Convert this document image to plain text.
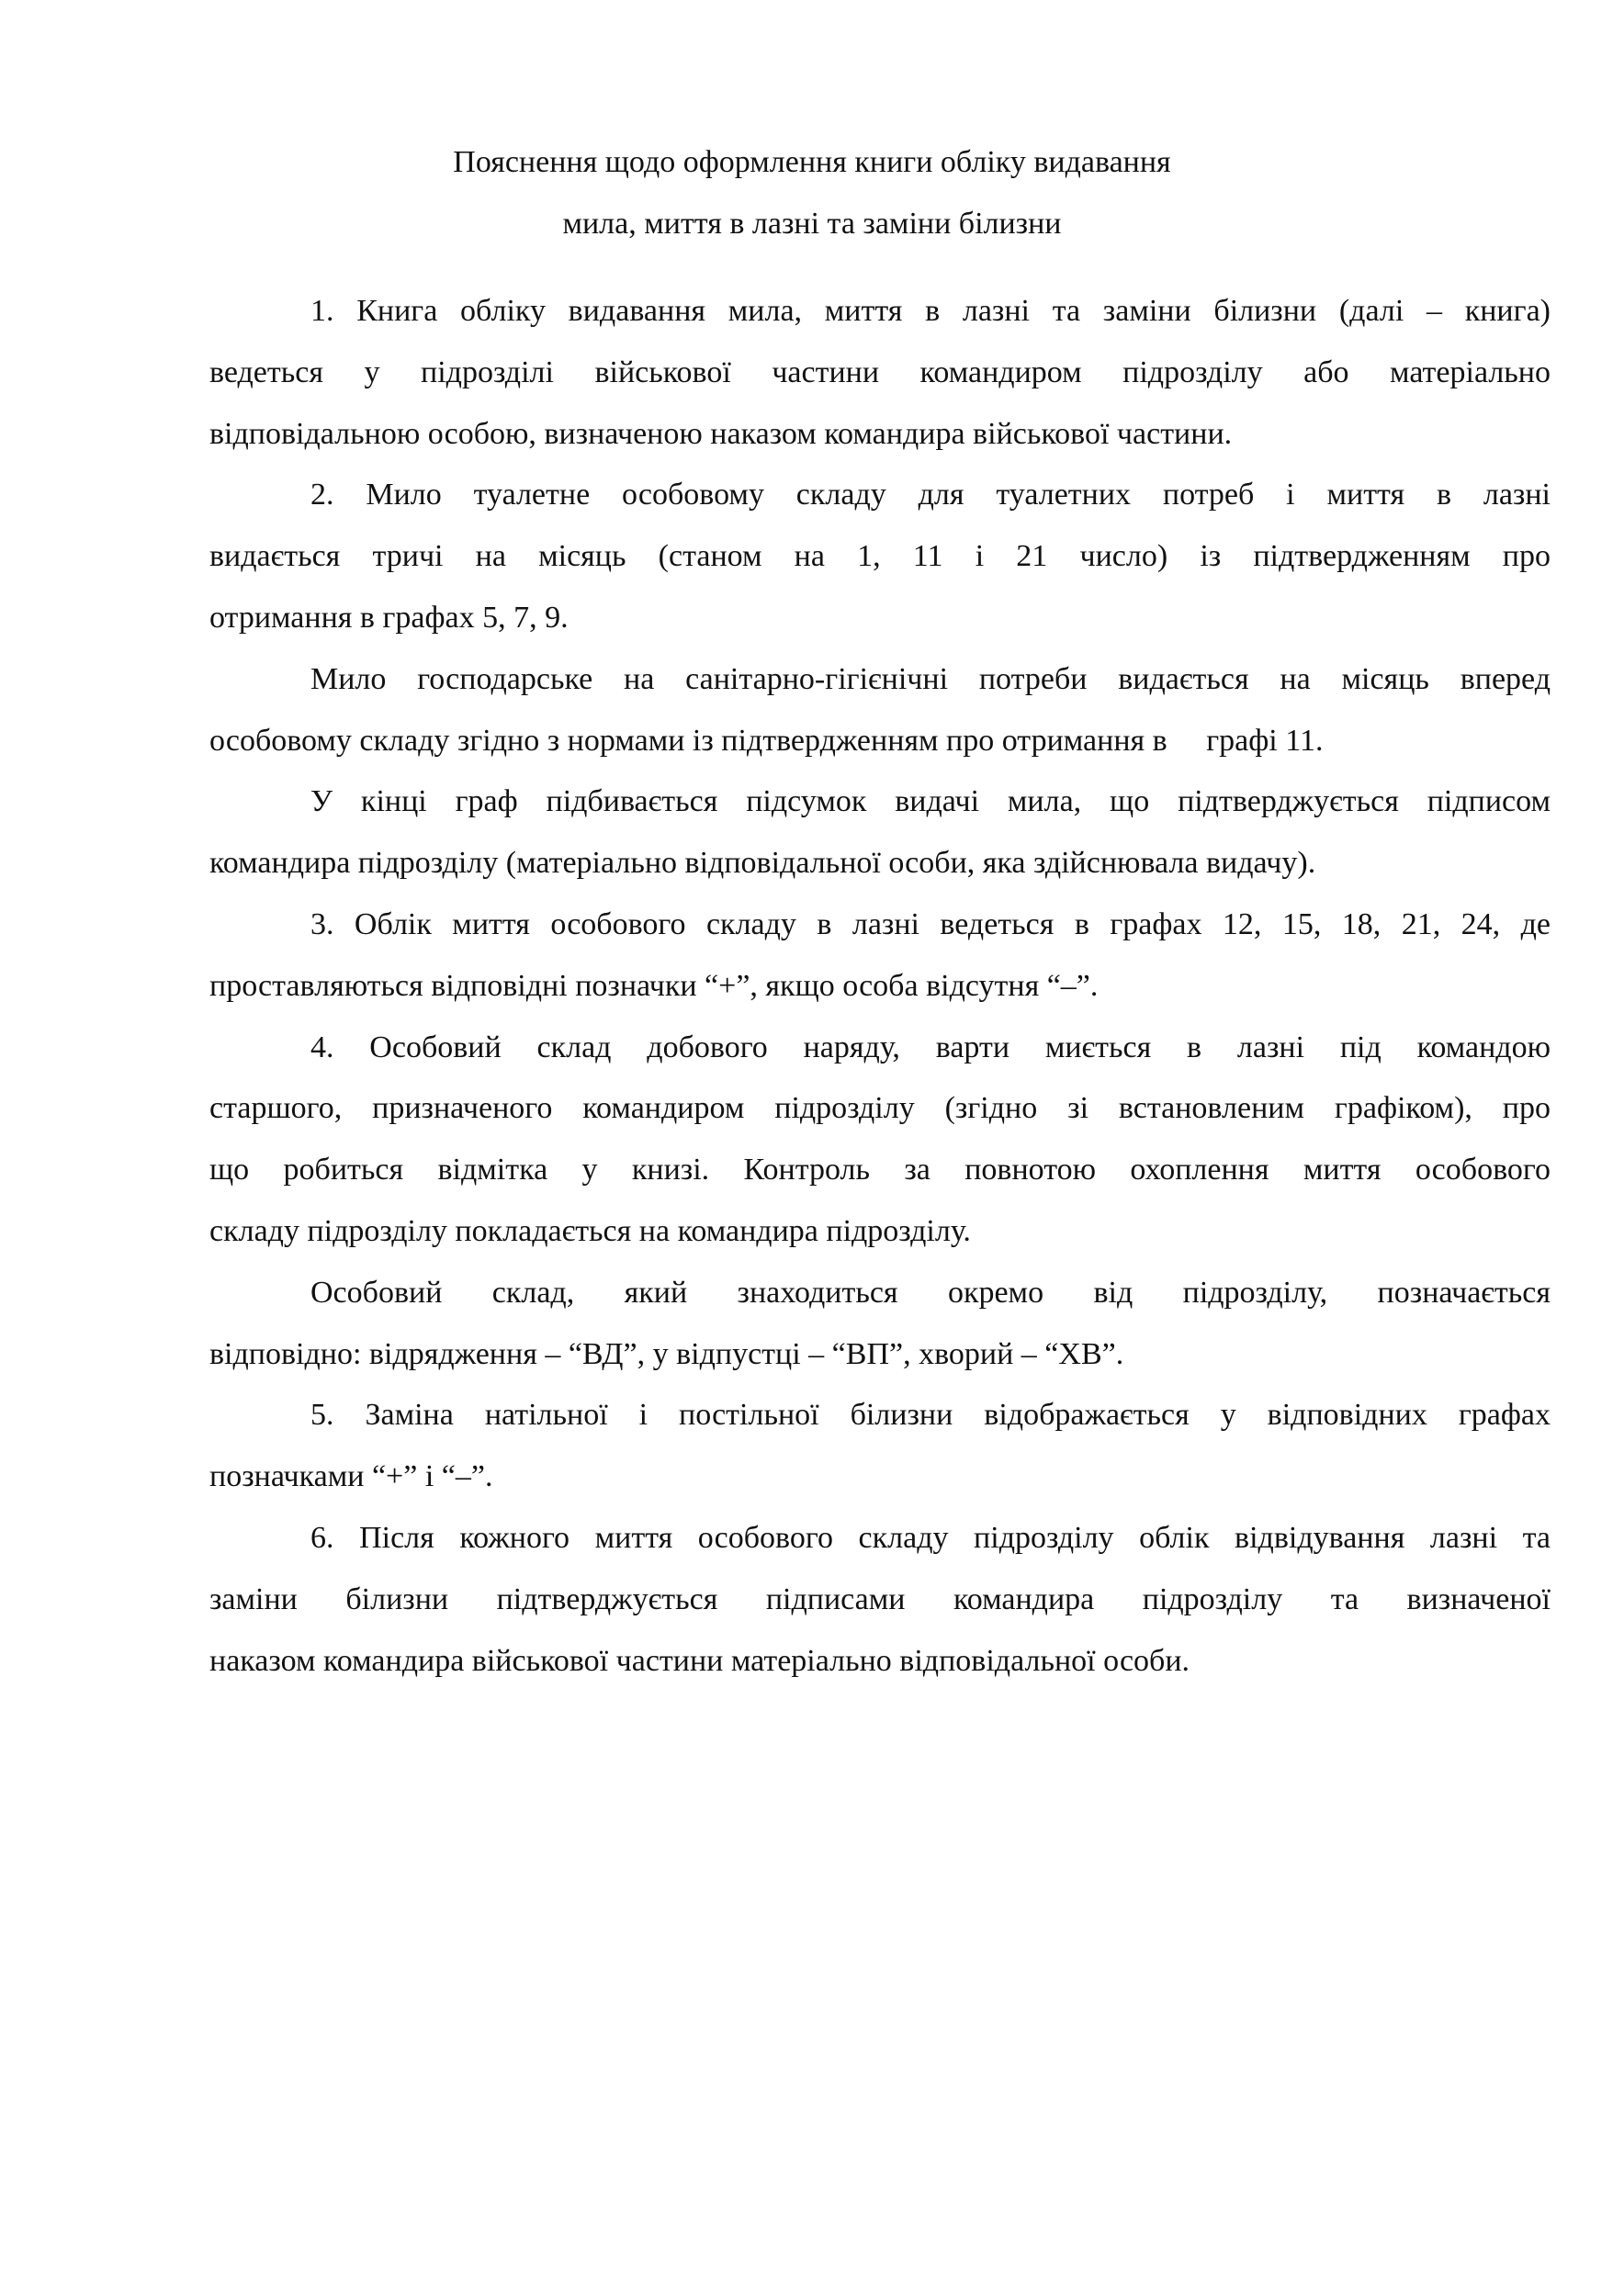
Пояснення щодо оформлення книги обліку видавання
мила, миття в лазні та заміни білизни
1. Книга обліку видавання мила, миття в лазні та заміни білизни (далі – книга)
ведеться у підрозділі військової частини командиром підрозділу або матеріально
відповідальною особою, визначеною наказом командира військової частини.
2. Мило туалетне особовому складу для туалетних потреб і миття в лазні
видається тричі на місяць (станом на 1, 11 і 21 число) із підтвердженням про
отримання в графах 5, 7, 9.
Мило господарське на санітарно-гігієнічні потреби видається на місяць вперед
особовому складу згідно з нормами із підтвердженням про отримання в     графі 11.
У кінці граф підбивається підсумок видачі мила, що підтверджується підписом
командира підрозділу (матеріально відповідальної особи, яка здійснювала видачу).
3. Облік миття особового складу в лазні ведеться в графах 12, 15, 18, 21, 24, де
проставляються відповідні позначки “+”, якщо особа відсутня “–”.
4. Особовий склад добового наряду, варти миється в лазні під командою
старшого, призначеного командиром підрозділу (згідно зі встановленим графіком), про
що робиться відмітка у книзі. Контроль за повнотою охоплення миття особового
складу підрозділу покладається на командира підрозділу.
Особовий склад, який знаходиться окремо від підрозділу, позначається
відповідно: відрядження – “ВД”, у відпустці – “ВП”, хворий – “ХВ”.
5. Заміна натільної і постільної білизни відображається у відповідних графах
позначками “+” і “–”.
6. Після кожного миття особового складу підрозділу облік відвідування лазні та
заміни білизни підтверджується підписами командира підрозділу та визначеної
наказом командира військової частини матеріально відповідальної особи.
